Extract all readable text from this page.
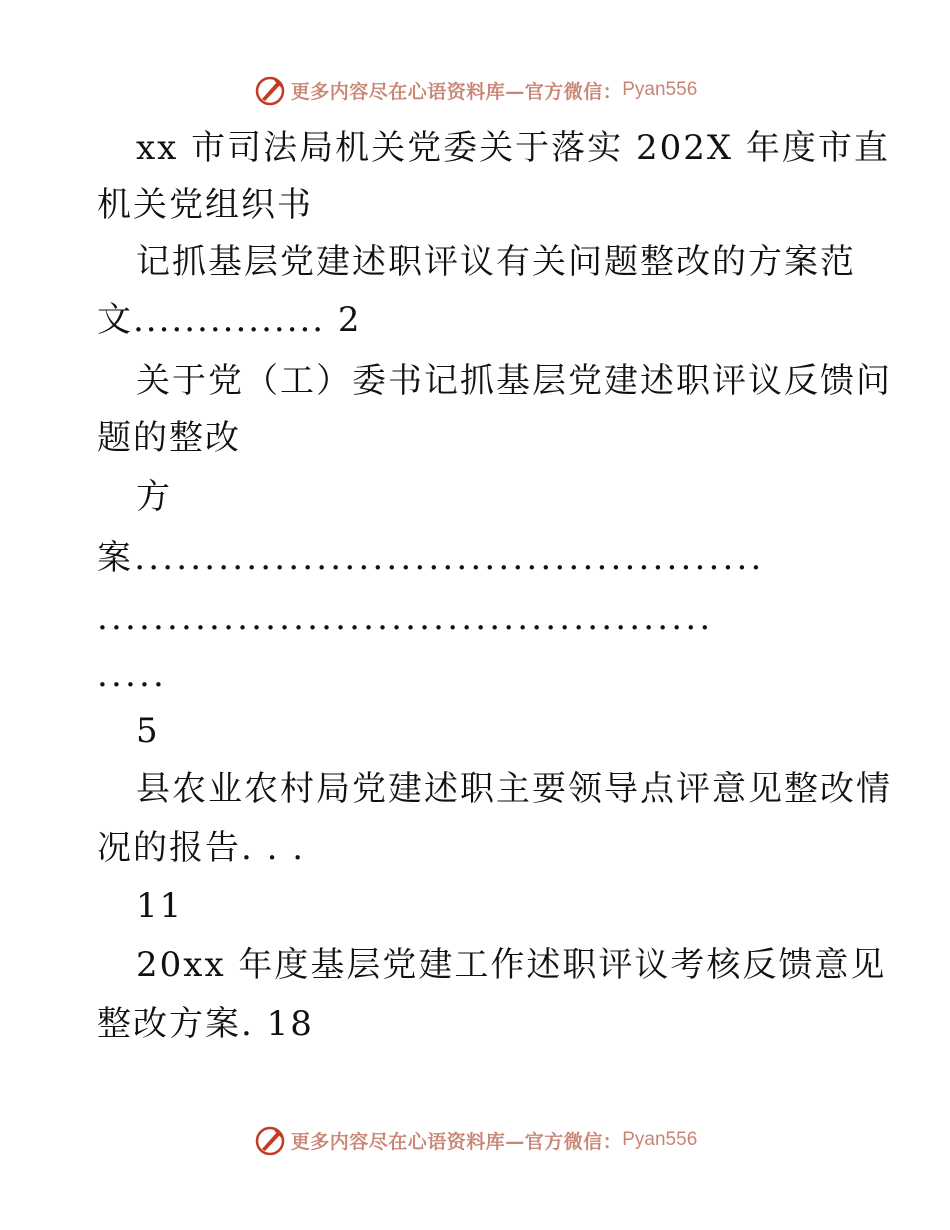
更多内容尽在心语资料库—官方微信： Pyan556
xx 市司法局机关党委关于落实 202X 年度市直
机关党组织书
记抓基层党建述职评议有关问题整改的方案范
文............... 2
关于党（工）委书记抓基层党建述职评议反馈问
题的整改
方
案.............................................
............................................
.....
5
县农业农村局党建述职主要领导点评意见整改情
况的报告. . .
11
20xx 年度基层党建工作述职评议考核反馈意见
整改方案. 18
更多内容尽在心语资料库—官方微信： Pyan556
